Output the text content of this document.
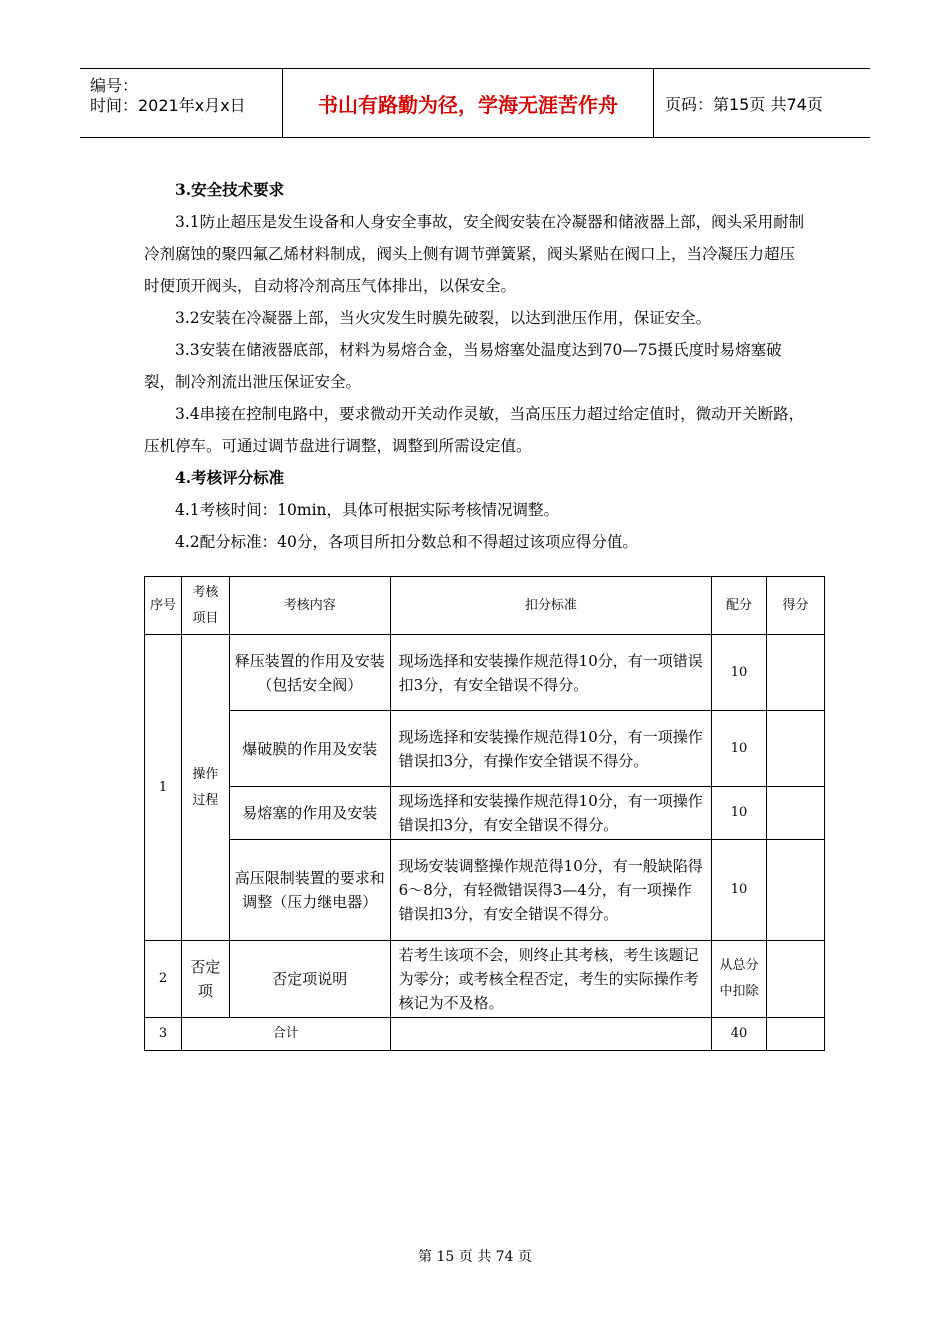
编号：
时间：2021年x月x日	书山有路勤为径，学海无涯苦作舟	页码：第15页 共74页
3.安全技术要求

3.1防止超压是发生设备和人身安全事故，安全阀安装在冷凝器和储液器上部，阀头采用耐制冷剂腐蚀的聚四氟乙烯材料制成，阀头上侧有调节弹簧紧，阀头紧贴在阀口上，当冷凝压力超压时便顶开阀头，自动将冷剂高压气体排出，以保安全。

3.2安装在冷凝器上部，当火灾发生时膜先破裂，以达到泄压作用，保证安全。

3.3安装在储液器底部，材料为易熔合金，当易熔塞处温度达到70—75摄氏度时易熔塞破裂，制冷剂流出泄压保证安全。

3.4串接在控制电路中，要求微动开关动作灵敏，当高压压力超过给定值时，微动开关断路，压机停车。可通过调节盘进行调整，调整到所需设定值。

4.考核评分标准

4.1考核时间：10min，具体可根据实际考核情况调整。

4.2配分标准：40分，各项目所扣分数总和不得超过该项应得分值。

序号	考核项目	考核内容	扣分标准	配分	得分
1	操作过程	释压装置的作用及安装（包括安全阀）	现场选择和安装操作规范得10分，有一项错误扣3分，有安全错误不得分。	10	
		爆破膜的作用及安装	现场选择和安装操作规范得10分，有一项操作错误扣3分，有操作安全错误不得分。	10	
		易熔塞的作用及安装	现场选择和安装操作规范得10分，有一项操作错误扣3分，有安全错误不得分。	10	
		高压限制装置的要求和调整（压力继电器）	现场安装调整操作规范得10分，有一般缺陷得6～8分，有轻微错误得3—4分，有一项操作错误扣3分，有安全错误不得分。	10	
2	否定项	否定项说明	若考生该项不会，则终止其考核，考生该题记为零分；或考核全程否定，考生的实际操作考核记为不及格。	从总分中扣除	
3	合计			40	
第 15 页 共 74 页
